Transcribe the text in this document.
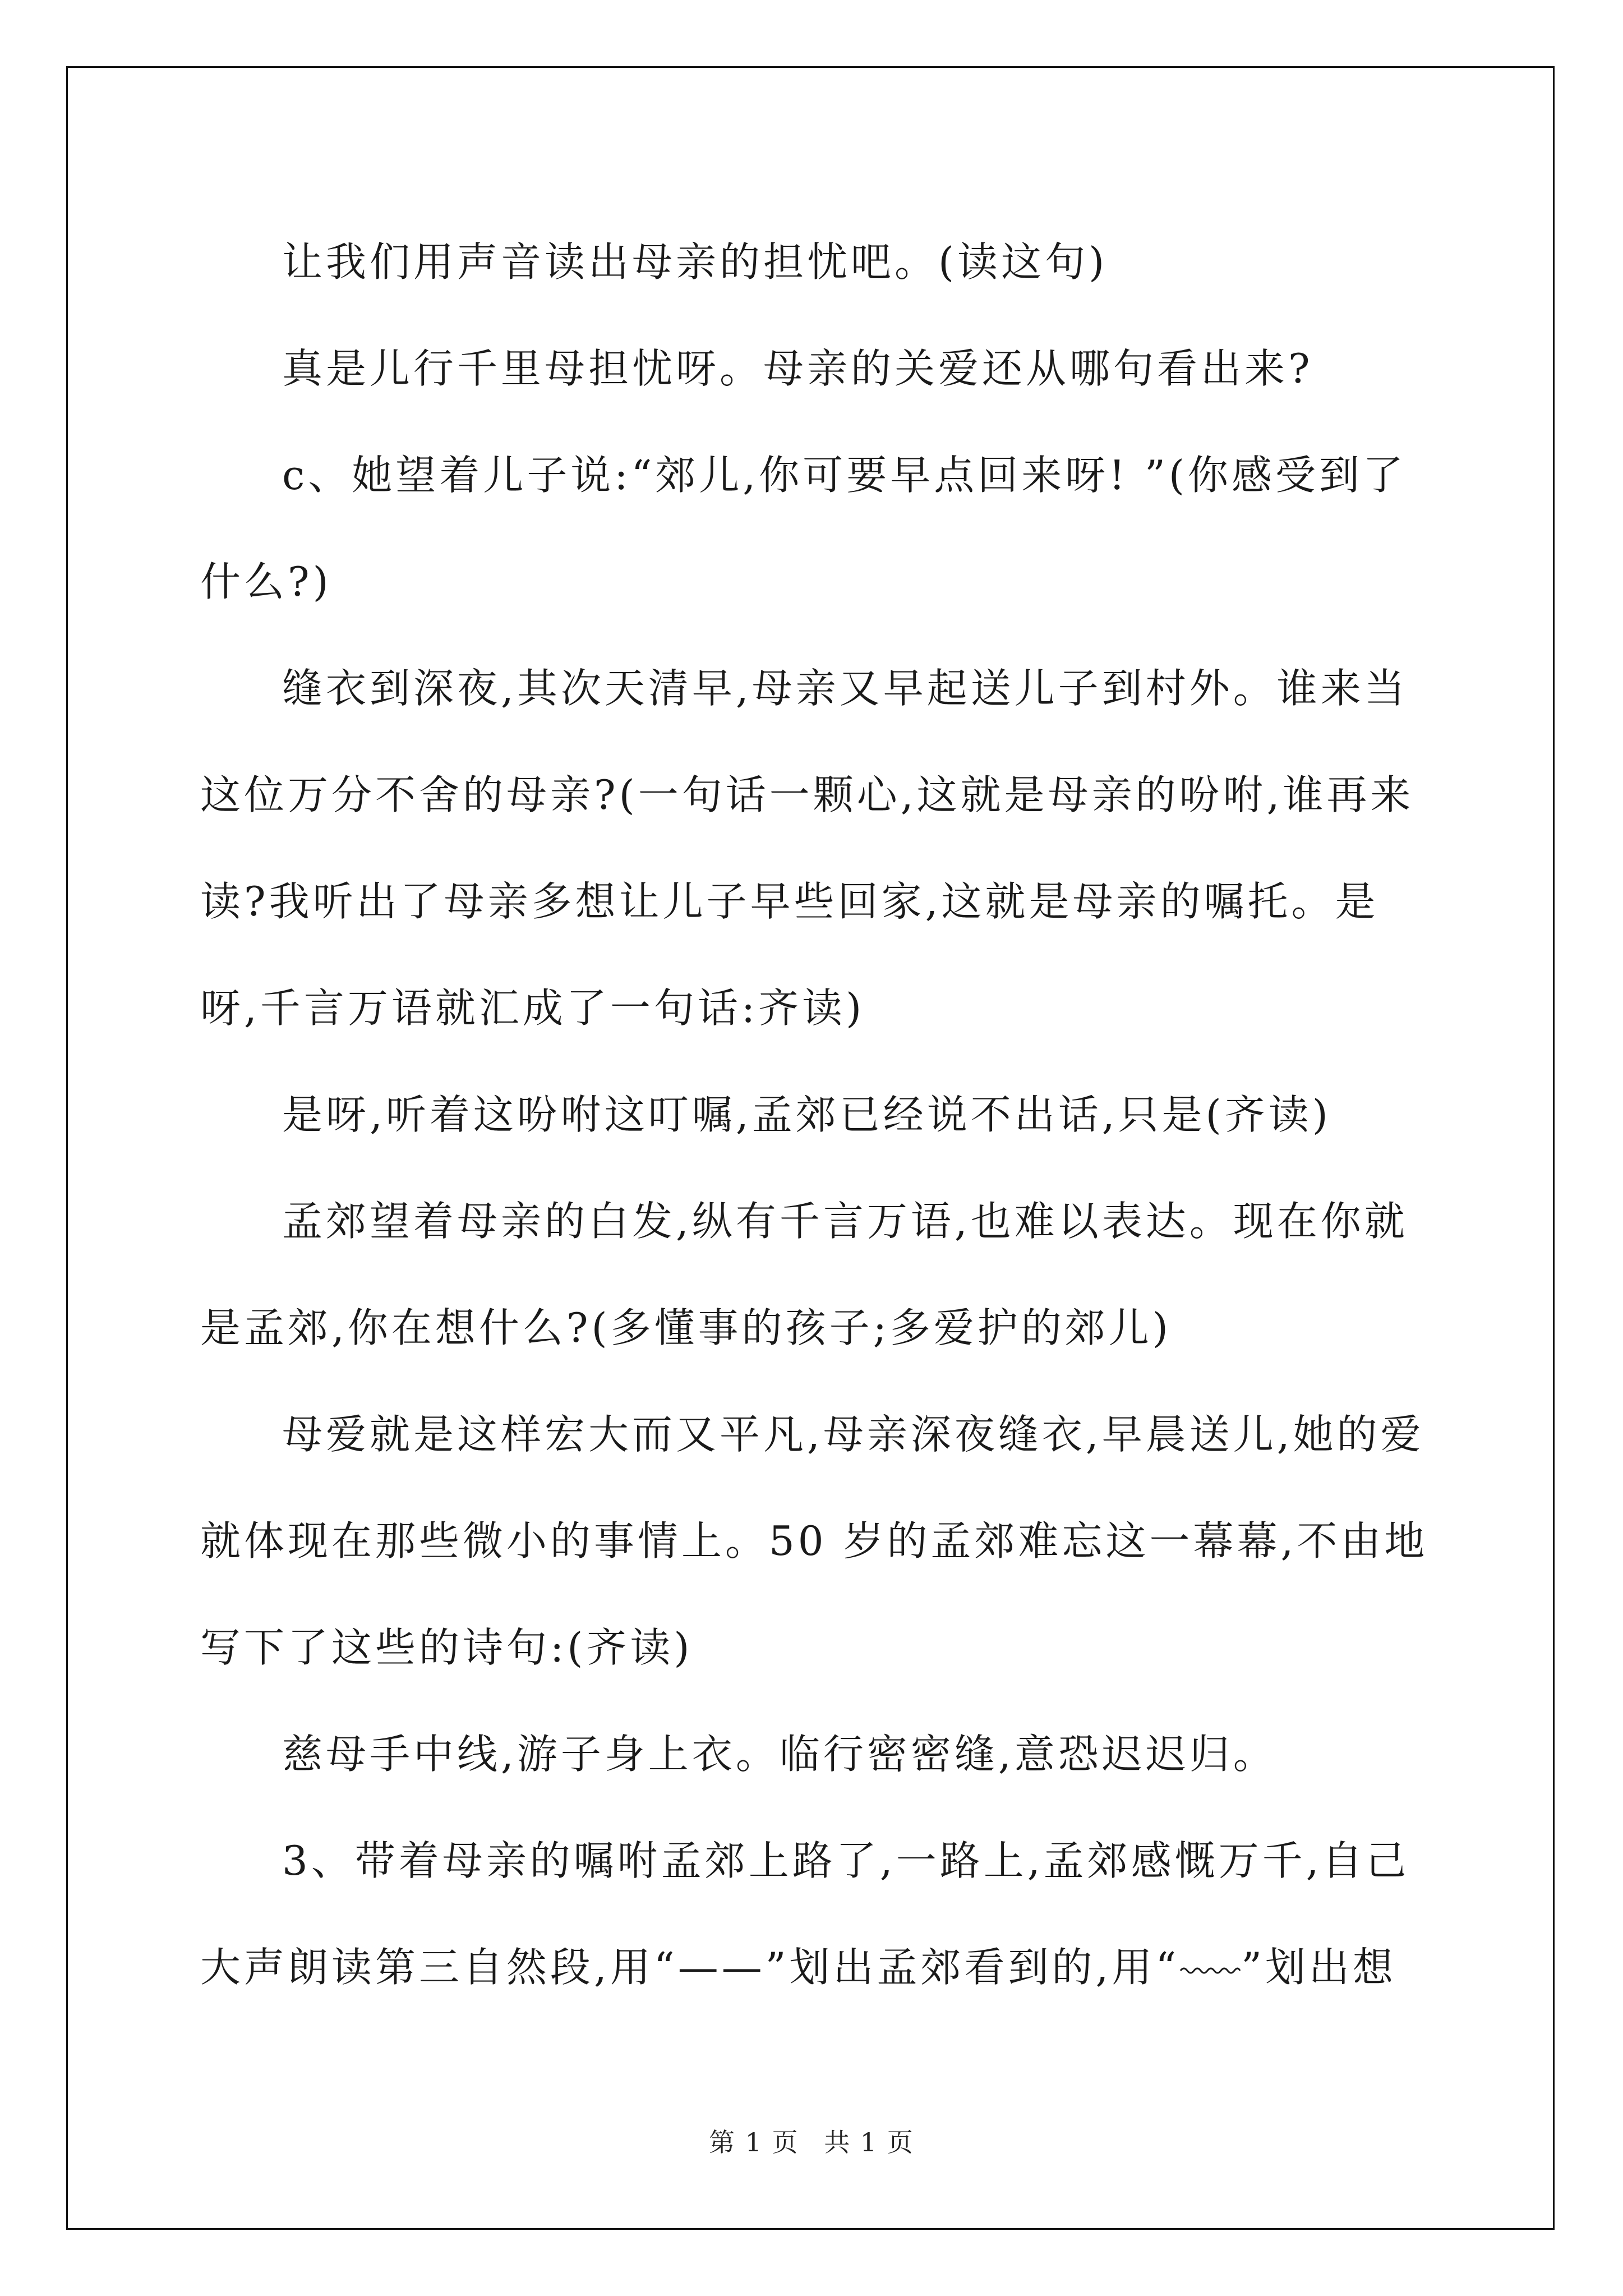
让我们用声音读出母亲的担忧吧。(读这句)

真是儿行千里母担忧呀。母亲的关爱还从哪句看出来?

c、她望着儿子说:“郊儿,你可要早点回来呀! ”(你感受到了什么?)

缝衣到深夜,其次天清早,母亲又早起送儿子到村外。谁来当这位万分不舍的母亲?(一句话一颗心,这就是母亲的吩咐,谁再来读?我听出了母亲多想让儿子早些回家,这就是母亲的嘱托。是呀,千言万语就汇成了一句话:齐读)

是呀,听着这吩咐这叮嘱,孟郊已经说不出话,只是(齐读)

孟郊望着母亲的白发,纵有千言万语,也难以表达。现在你就是孟郊,你在想什么?(多懂事的孩子;多爱护的郊儿)

母爱就是这样宏大而又平凡,母亲深夜缝衣,早晨送儿,她的爱就体现在那些微小的事情上。50 岁的孟郊难忘这一幕幕,不由地写下了这些的诗句:(齐读)

慈母手中线,游子身上衣。临行密密缝,意恐迟迟归。

3、带着母亲的嘱咐孟郊上路了,一路上,孟郊感慨万千,自己大声朗读第三自然段,用“——”划出孟郊看到的,用“ ”划出想

第 1 页 共 1 页
